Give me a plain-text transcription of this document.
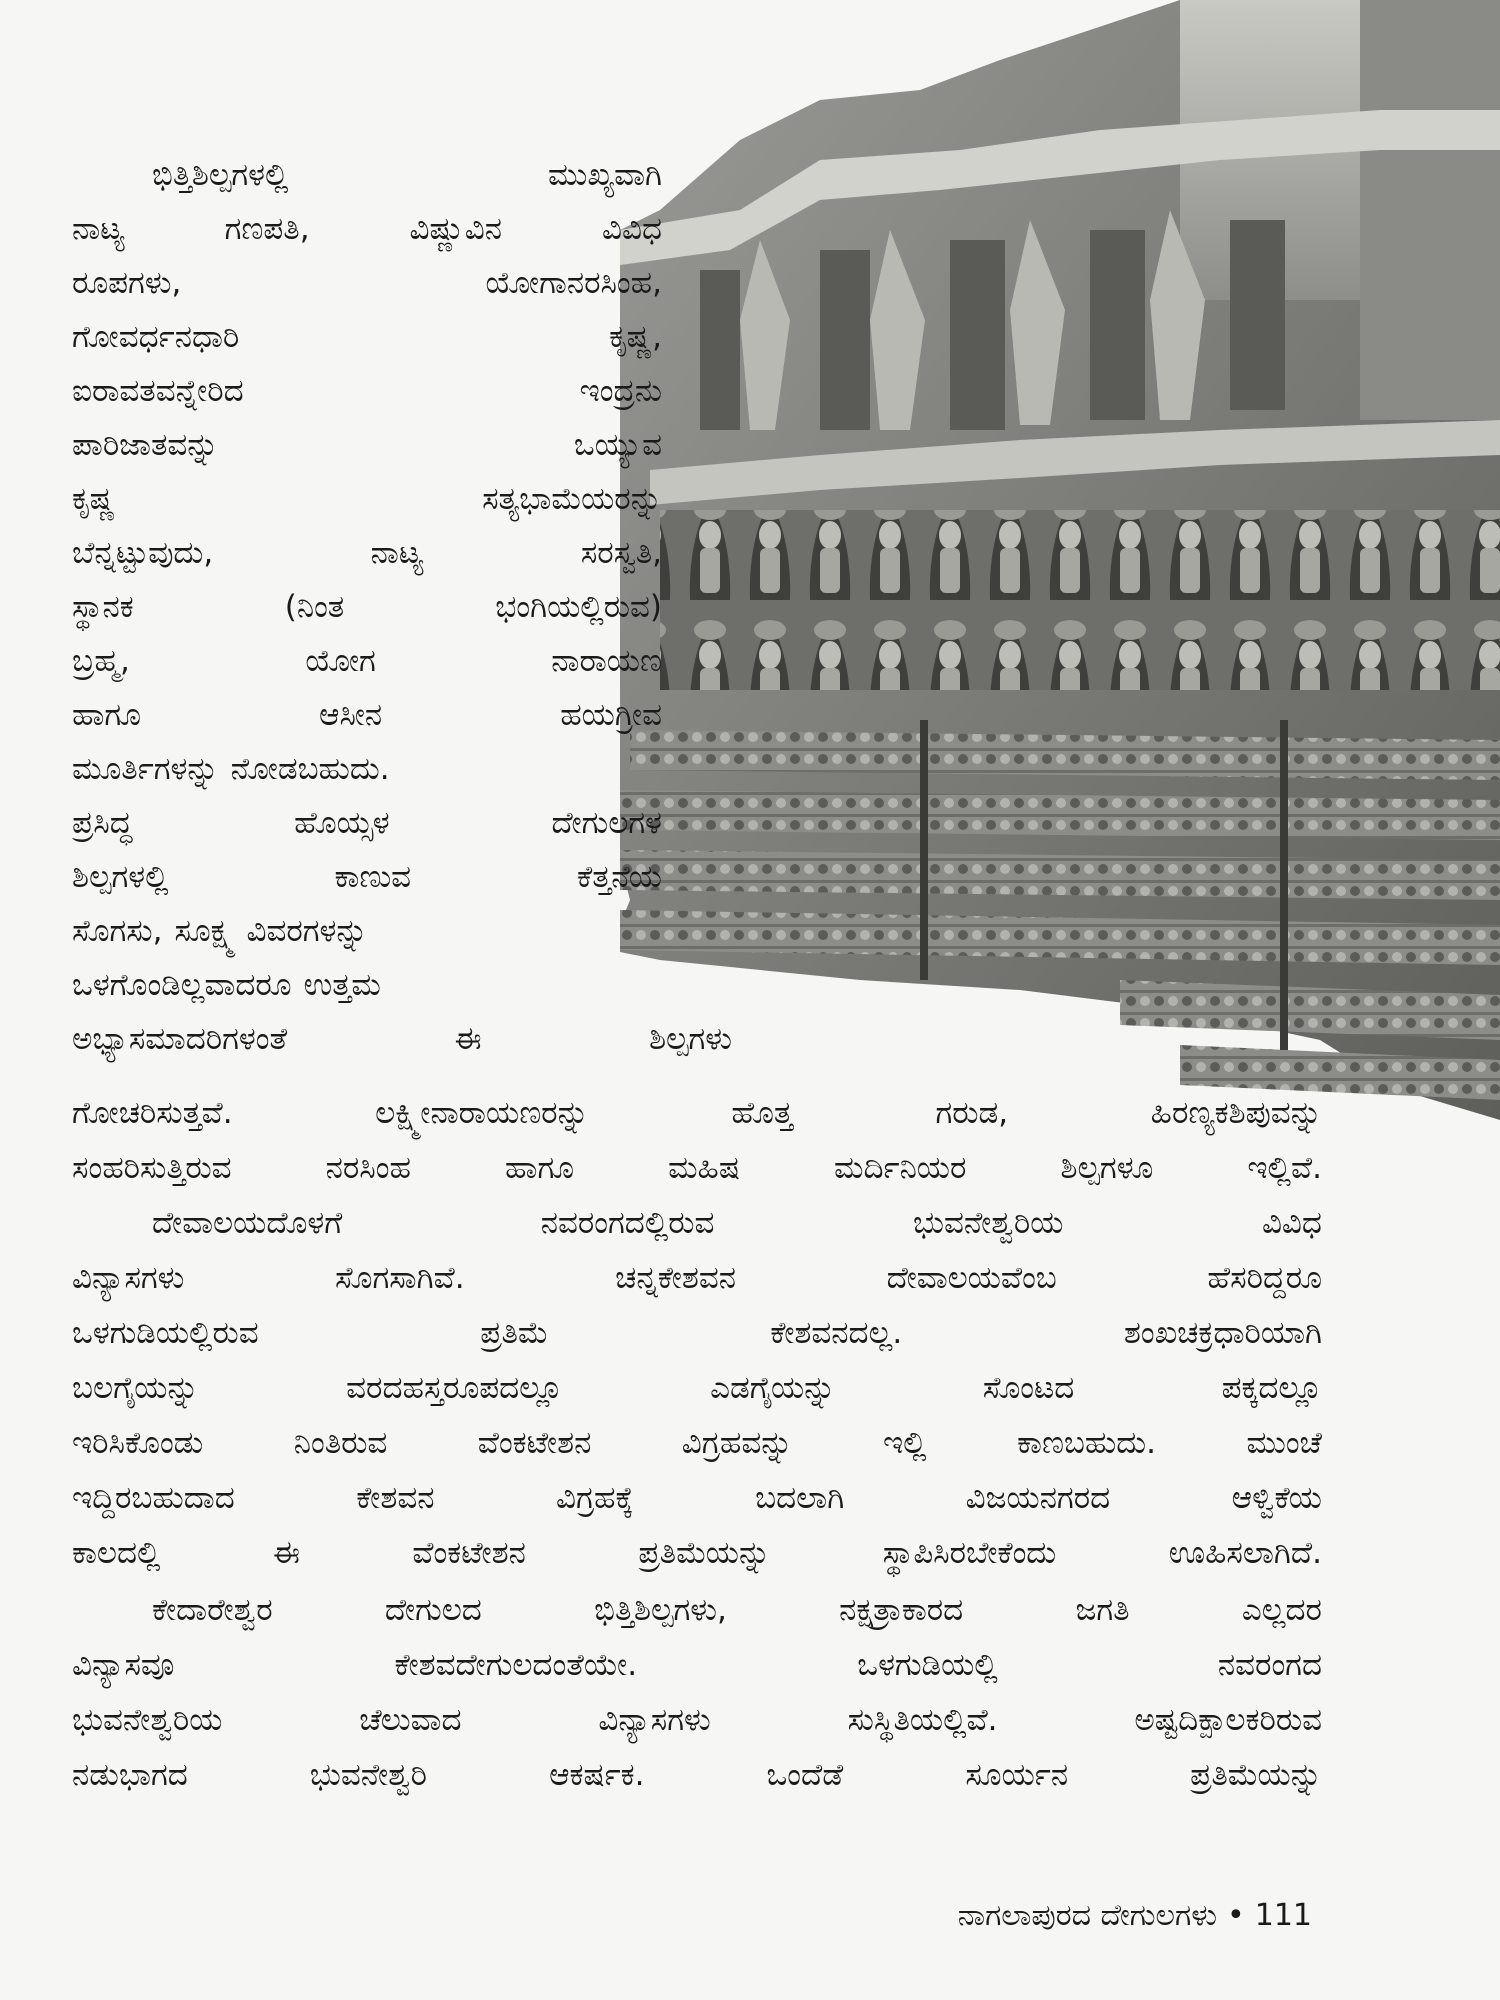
ಭಿತ್ತಿಶಿಲ್ಪಗಳಲ್ಲಿ	ಮುಖ್ಯವಾಗಿ
ನಾಟ್ಯ	ಗಣಪತಿ,	ವಿಷ್ಣುವಿನ	ವಿವಿಧ
ರೂಪಗಳು,	ಯೋಗಾನರಸಿಂಹ,
ಗೋವರ್ಧನಧಾರಿ	ಕೃಷ್ಣ,
ಐರಾವತವನ್ನೇರಿದ	ಇಂದ್ರನು
ಪಾರಿಜಾತವನ್ನು	ಒಯ್ಯುವ
ಕೃಷ್ಣ	ಸತ್ಯಭಾಮೆಯರನ್ನು
ಬೆನ್ನಟ್ಟುವುದು,	ನಾಟ್ಯ	ಸರಸ್ವತಿ,
ಸ್ಥಾನಕ	(ನಿಂತ	ಭಂಗಿಯಲ್ಲಿರುವ)
ಬ್ರಹ್ಮ,	ಯೋಗ	ನಾರಾಯಣ
ಹಾಗೂ	ಆಸೀನ	ಹಯಗ್ರೀವ
ಮೂರ್ತಿಗಳನ್ನು ನೋಡಬಹುದು.
ಪ್ರಸಿದ್ಧ	ಹೊಯ್ಸಳ	ದೇಗುಲಗಳ
ಶಿಲ್ಪಗಳಲ್ಲಿ	ಕಾಣುವ	ಕೆತ್ತನೆಯ
ಸೊಗಸು, ಸೂಕ್ಷ್ಮ ವಿವರಗಳನ್ನು
ಒಳಗೊಂಡಿಲ್ಲವಾದರೂ ಉತ್ತಮ
ಅಭ್ಯಾಸಮಾದರಿಗಳಂತೆ	ಈ	ಶಿಲ್ಪಗಳು
ಗೋಚರಿಸುತ್ತವೆ.	ಲಕ್ಷ್ಮೀನಾರಾಯಣರನ್ನು	ಹೊತ್ತ	ಗರುಡ,	ಹಿರಣ್ಯಕಶಿಪುವನ್ನು
ಸಂಹರಿಸುತ್ತಿರುವ	ನರಸಿಂಹ	ಹಾಗೂ	ಮಹಿಷ	ಮರ್ದಿನಿಯರ	ಶಿಲ್ಪಗಳೂ	ಇಲ್ಲಿವೆ.
ದೇವಾಲಯದೊಳಗೆ	ನವರಂಗದಲ್ಲಿರುವ	ಭುವನೇಶ್ವರಿಯ	ವಿವಿಧ
ವಿನ್ಯಾಸಗಳು	ಸೊಗಸಾಗಿವೆ.	ಚನ್ನಕೇಶವನ	ದೇವಾಲಯವೆಂಬ	ಹೆಸರಿದ್ದರೂ
ಒಳಗುಡಿಯಲ್ಲಿರುವ	ಪ್ರತಿಮೆ	ಕೇಶವನದಲ್ಲ.	ಶಂಖಚಕ್ರಧಾರಿಯಾಗಿ
ಬಲಗೈಯನ್ನು	ವರದಹಸ್ತರೂಪದಲ್ಲೂ	ಎಡಗೈಯನ್ನು	ಸೊಂಟದ	ಪಕ್ಕದಲ್ಲೂ
ಇರಿಸಿಕೊಂಡು	ನಿಂತಿರುವ	ವೆಂಕಟೇಶನ	ವಿಗ್ರಹವನ್ನು	ಇಲ್ಲಿ	ಕಾಣಬಹುದು.	ಮುಂಚೆ
ಇದ್ದಿರಬಹುದಾದ	ಕೇಶವನ	ವಿಗ್ರಹಕ್ಕೆ	ಬದಲಾಗಿ	ವಿಜಯನಗರದ	ಆಳ್ವಿಕೆಯ
ಕಾಲದಲ್ಲಿ	ಈ	ವೆಂಕಟೇಶನ	ಪ್ರತಿಮೆಯನ್ನು	ಸ್ಥಾಪಿಸಿರಬೇಕೆಂದು	ಊಹಿಸಲಾಗಿದೆ.
ಕೇದಾರೇಶ್ವರ	ದೇಗುಲದ	ಭಿತ್ತಿಶಿಲ್ಪಗಳು,	ನಕ್ಷತ್ರಾಕಾರದ	ಜಗತಿ	ಎಲ್ಲದರ
ವಿನ್ಯಾಸವೂ	ಕೇಶವದೇಗುಲದಂತೆಯೇ.	ಒಳಗುಡಿಯಲ್ಲಿ	ನವರಂಗದ
ಭುವನೇಶ್ವರಿಯ	ಚೆಲುವಾದ	ವಿನ್ಯಾಸಗಳು	ಸುಸ್ಥಿತಿಯಲ್ಲಿವೆ.	ಅಷ್ಟದಿಕ್ಪಾಲಕರಿರುವ
ನಡುಭಾಗದ	ಭುವನೇಶ್ವರಿ	ಆಕರ್ಷಕ.	ಒಂದೆಡೆ	ಸೂರ್ಯನ	ಪ್ರತಿಮೆಯನ್ನು
ನಾಗಲಾಪುರದ ದೇಗುಲಗಳು • 111
